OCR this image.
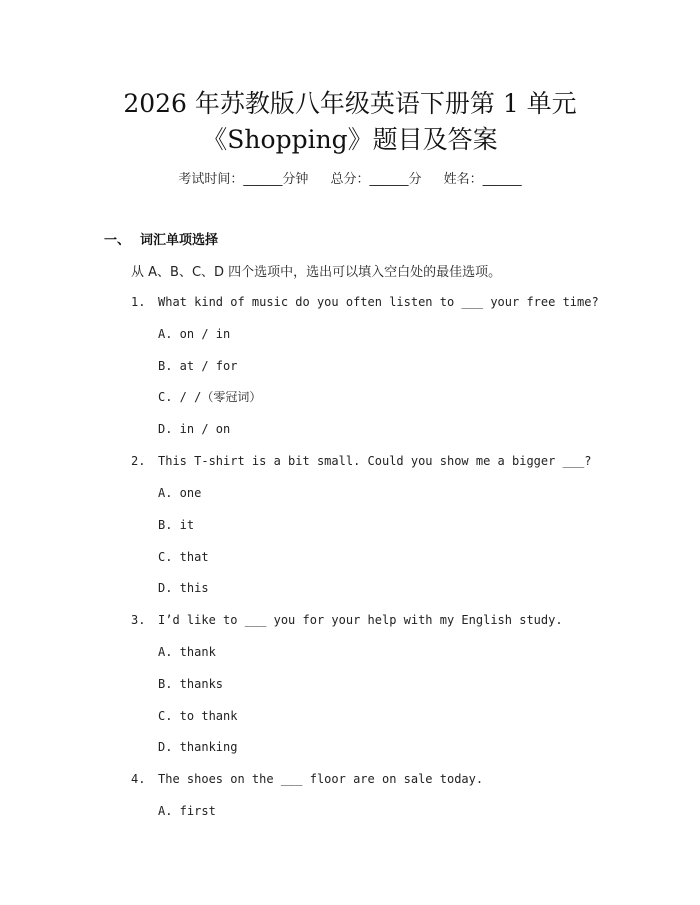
2026 年苏教版八年级英语下册第 1 单元
《Shopping》题目及答案
考试时间：______分钟 总分：______分 姓名：______
一、 词汇单项选择
从 A、B、C、D 四个选项中，选出可以填入空白处的最佳选项。
1. What kind of music do you often listen to ___ your free time?
A. on / in
B. at / for
C. / /（零冠词）
D. in / on
2. This T-shirt is a bit small. Could you show me a bigger ___?
A. one
B. it
C. that
D. this
3. I’d like to ___ you for your help with my English study.
A. thank
B. thanks
C. to thank
D. thanking
4. The shoes on the ___ floor are on sale today.
A. first
